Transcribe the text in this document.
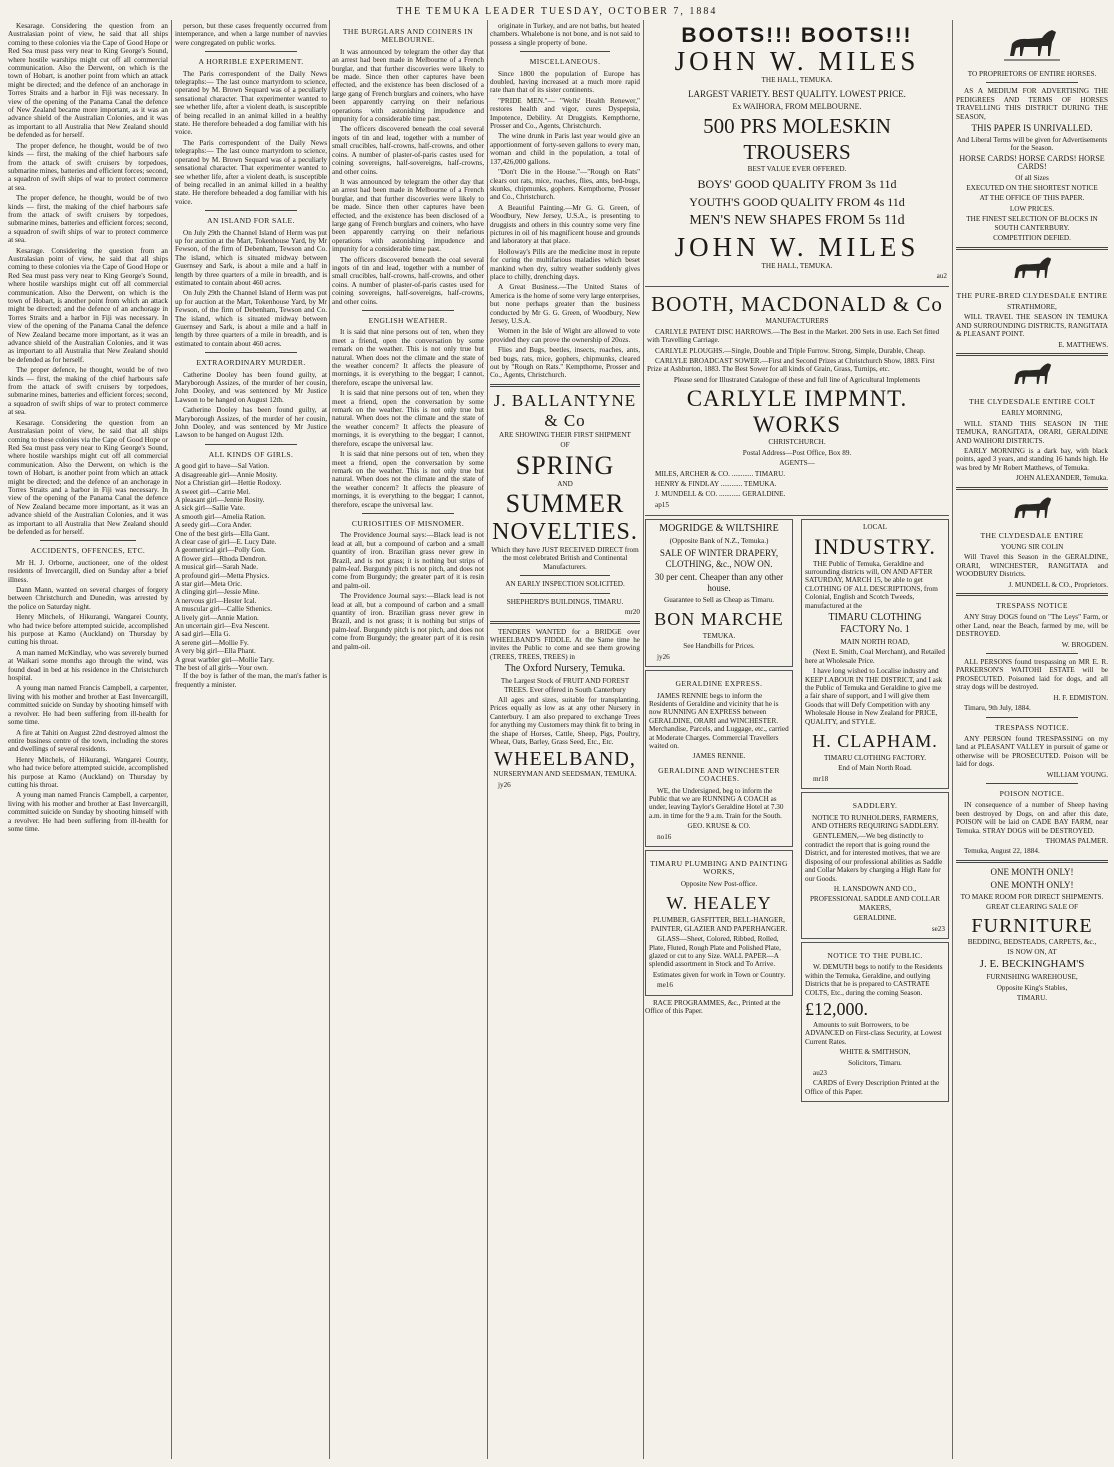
THE TEMUKA LEADER TUESDAY, OCTOBER 7, 1884

Kesarage. Considering the question from an Australasian point of view, he said that all ships coming to these colonies via the Cape of Good Hope or Red Sea must pass very near to King George's Sound, where hostile warships might cut off all commercial communication. Also the Derwent, on which is the town of Hobart, is another point from which an attack might be directed; and the defence of an anchorage in Torres Straits and a harbor in Fiji was necessary. In view of the opening of the Panama Canal the defence of New Zealand became more important, as it was an advance shield of the Australian Colonies, and it was as important to all Australia that New Zealand should be defended as for herself.

The proper defence, he thought, would be of two kinds — first, the making of the chief harbours safe from the attack of swift cruisers by torpedoes, submarine mines, batteries and efficient forces; second, a squadron of swift ships of war to protect commerce at sea.

The proper defence, he thought, would be of two kinds — first, the making of the chief harbours safe from the attack of swift cruisers by torpedoes, submarine mines, batteries and efficient forces; second, a squadron of swift ships of war to protect commerce at sea.

Kesarage. Considering the question from an Australasian point of view, he said that all ships coming to these colonies via the Cape of Good Hope or Red Sea must pass very near to King George's Sound, where hostile warships might cut off all commercial communication. Also the Derwent, on which is the town of Hobart, is another point from which an attack might be directed; and the defence of an anchorage in Torres Straits and a harbor in Fiji was necessary. In view of the opening of the Panama Canal the defence of New Zealand became more important, as it was an advance shield of the Australian Colonies, and it was as important to all Australia that New Zealand should be defended as for herself.

The proper defence, he thought, would be of two kinds — first, the making of the chief harbours safe from the attack of swift cruisers by torpedoes, submarine mines, batteries and efficient forces; second, a squadron of swift ships of war to protect commerce at sea.

Kesarage. Considering the question from an Australasian point of view, he said that all ships coming to these colonies via the Cape of Good Hope or Red Sea must pass very near to King George's Sound, where hostile warships might cut off all commercial communication. Also the Derwent, on which is the town of Hobart, is another point from which an attack might be directed; and the defence of an anchorage in Torres Straits and a harbor in Fiji was necessary. In view of the opening of the Panama Canal the defence of New Zealand became more important, as it was an advance shield of the Australian Colonies, and it was as important to all Australia that New Zealand should be defended as for herself.

ACCIDENTS, OFFENCES, ETC.

Mr H. J. Orborne, auctioneer, one of the oldest residents of Invercargill, died on Sunday after a brief illness.

Dann Mann, wanted on several charges of forgery between Christchurch and Dunedin, was arrested by the police on Saturday night.

Henry Mitchels, of Hikurangi, Wangarei County, who had twice before attempted suicide, accomplished his purpose at Kamo (Auckland) on Thursday by cutting his throat.

A man named McKindlay, who was severely burned at Waikari some months ago through the wind, was found dead in bed at his residence in the Christchurch hospital.

A young man named Francis Campbell, a carpenter, living with his mother and brother at East Invercargill, committed suicide on Sunday by shooting himself with a revolver. He had been suffering from ill-health for some time.

A fire at Tahiti on August 22nd destroyed almost the entire business centre of the town, including the stores and dwellings of several residents.

Henry Mitchels, of Hikurangi, Wangarei County, who had twice before attempted suicide, accomplished his purpose at Kamo (Auckland) on Thursday by cutting his throat.

A young man named Francis Campbell, a carpenter, living with his mother and brother at East Invercargill, committed suicide on Sunday by shooting himself with a revolver. He had been suffering from ill-health for some time.

person, but these cases frequently occurred from intemperance, and when a large number of navvies were congregated on public works.

A HORRIBLE EXPERIMENT.

The Paris correspondent of the Daily News telegraphs:— The last ounce martyrdom to science, operated by M. Brown Sequard was of a peculiarly sensational character. That experimenter wanted to see whether life, after a violent death, is susceptible of being recalled in an animal killed in a healthy state. He therefore beheaded a dog familiar with his voice.

The Paris correspondent of the Daily News telegraphs:— The last ounce martyrdom to science, operated by M. Brown Sequard was of a peculiarly sensational character. That experimenter wanted to see whether life, after a violent death, is susceptible of being recalled in an animal killed in a healthy state. He therefore beheaded a dog familiar with his voice.

AN ISLAND FOR SALE.

On July 29th the Channel Island of Herm was put up for auction at the Mart, Tokenhouse Yard, by Mr Fewson, of the firm of Debenham, Tewson and Co. The island, which is situated midway between Guernsey and Sark, is about a mile and a half in length by three quarters of a mile in breadth, and is estimated to contain about 460 acres.

On July 29th the Channel Island of Herm was put up for auction at the Mart, Tokenhouse Yard, by Mr Fewson, of the firm of Debenham, Tewson and Co. The island, which is situated midway between Guernsey and Sark, is about a mile and a half in length by three quarters of a mile in breadth, and is estimated to contain about 460 acres.

EXTRAORDINARY MURDER.

Catherine Dooley has been found guilty, at Maryborough Assizes, of the murder of her cousin, John Dooley, and was sentenced by Mr Justice Lawson to be hanged on August 12th.

Catherine Dooley has been found guilty, at Maryborough Assizes, of the murder of her cousin, John Dooley, and was sentenced by Mr Justice Lawson to be hanged on August 12th.

ALL KINDS OF GIRLS.

A good girl to have—Sal Vation.

A disagreeable girl—Annie Mosity.

Not a Christian girl—Hettie Rodoxy.

A sweet girl—Carrie Mel.

A pleasant girl—Jennie Rosity.

A sick girl—Sallie Vate.

A smooth girl—Amelia Ration.

A seedy girl—Cora Ander.

One of the best girls—Ella Gant.

A clear case of girl—E. Lucy Date.

A geometrical girl—Polly Gon.

A flower girl—Rhoda Dendron.

A musical girl—Sarah Nade.

A profound girl—Metta Physics.

A star girl—Meta Oric.

A clinging girl—Jessie Mine.

A nervous girl—Hester Ical.

A muscular girl—Callie Sthenics.

A lively girl—Annie Mation.

An uncertain girl—Eva Nescent.

A sad girl—Ella G.

A serene girl—Mollie Fy.

A very big girl—Ella Phant.

A great warbler girl—Mollie Tary.

The best of all girls—Your own.

If the boy is father of the man, the man's father is frequently a minister.

THE BURGLARS AND COINERS IN MELBOURNE.

It was announced by telegram the other day that an arrest had been made in Melbourne of a French burglar, and that further discoveries were likely to be made. Since then other captures have been effected, and the existence has been disclosed of a large gang of French burglars and coiners, who have been apparently carrying on their nefarious operations with astonishing impudence and impunity for a considerable time past.

The officers discovered beneath the coal several ingots of tin and lead, together with a number of small crucibles, half-crowns, half-crowns, and other coins. A number of plaster-of-paris castes used for coining sovereigns, half-sovereigns, half-crowns, and other coins.

It was announced by telegram the other day that an arrest had been made in Melbourne of a French burglar, and that further discoveries were likely to be made. Since then other captures have been effected, and the existence has been disclosed of a large gang of French burglars and coiners, who have been apparently carrying on their nefarious operations with astonishing impudence and impunity for a considerable time past.

The officers discovered beneath the coal several ingots of tin and lead, together with a number of small crucibles, half-crowns, half-crowns, and other coins. A number of plaster-of-paris castes used for coining sovereigns, half-sovereigns, half-crowns, and other coins.

ENGLISH WEATHER.

It is said that nine persons out of ten, when they meet a friend, open the conversation by some remark on the weather. This is not only true but natural. When does not the climate and the state of the weather concern? It affects the pleasure of mornings, it is everything to the beggar; I cannot, therefore, escape the universal law.

It is said that nine persons out of ten, when they meet a friend, open the conversation by some remark on the weather. This is not only true but natural. When does not the climate and the state of the weather concern? It affects the pleasure of mornings, it is everything to the beggar; I cannot, therefore, escape the universal law.

It is said that nine persons out of ten, when they meet a friend, open the conversation by some remark on the weather. This is not only true but natural. When does not the climate and the state of the weather concern? It affects the pleasure of mornings, it is everything to the beggar; I cannot, therefore, escape the universal law.

CURIOSITIES OF MISNOMER.

The Providence Journal says:—Black lead is not lead at all, but a compound of carbon and a small quantity of iron. Brazilian grass never grew in Brazil, and is not grass; it is nothing but strips of palm-leaf. Burgundy pitch is not pitch, and does not come from Burgundy; the greater part of it is resin and palm-oil.

The Providence Journal says:—Black lead is not lead at all, but a compound of carbon and a small quantity of iron. Brazilian grass never grew in Brazil, and is not grass; it is nothing but strips of palm-leaf. Burgundy pitch is not pitch, and does not come from Burgundy; the greater part of it is resin and palm-oil.

originate in Turkey, and are not baths, but heated chambers. Whalebone is not bone, and is not said to possess a single property of bone.

MISCELLANEOUS.

Since 1800 the population of Europe has doubled, having increased at a much more rapid rate than that of its sister continents.

"PRIDE MEN."— "Wells' Health Renewer," restores health and vigor, cures Dyspepsia, Impotence, Debility. At Druggists. Kempthorne, Prosser and Co., Agents, Christchurch.

The wine drunk in Paris last year would give an apportionment of forty-seven gallons to every man, woman and child in the population, a total of 137,426,000 gallons.

"Don't Die in the House."—"Rough on Rats" clears out rats, mice, roaches, flies, ants, bed-bugs, skunks, chipmunks, gophers. Kempthorne, Prosser and Co., Christchurch.

A Beautiful Painting.—Mr G. G. Green, of Woodbury, New Jersey, U.S.A., is presenting to druggists and others in this country some very fine pictures in oil of his magnificent house and grounds and laboratory at that place.

Holloway's Pills are the medicine most in repute for curing the multifarious maladies which beset mankind when dry, sultry weather suddenly gives place to chilly, drenching days.

A Great Business.—The United States of America is the home of some very large enterprises, but none perhaps greater than the business conducted by Mr G. G. Green, of Woodbury, New Jersey, U.S.A.

Women in the Isle of Wight are allowed to vote provided they can prove the ownership of 20ozs.

Flies and Bugs, beetles, insects, roaches, ants, bed bugs, rats, mice, gophers, chipmunks, cleared out by "Rough on Rats." Kempthorne, Prosser and Co., Agents, Christchurch.

J. BALLANTYNE & Co

ARE SHOWING THEIR FIRST SHIPMENT

OF

SPRING

AND

SUMMER
NOVELTIES.

Which they have JUST RECEIVED DIRECT from the most celebrated British and Continental Manufacturers.

AN EARLY INSPECTION SOLICITED.

SHEPHERD'S BUILDINGS, TIMARU.

mr20

TENDERS WANTED for a BRIDGE over WHEELBAND'S FIDDLE. At the Same time he invites the Public to come and see them growing (TREES, TREES, TREES) in

The Oxford Nursery, Temuka.

The Largest Stock of FRUIT AND FOREST TREES. Ever offered in South Canterbury

All ages and sizes, suitable for transplanting. Prices equally as low as at any other Nursery in Canterbury. I am also prepared to exchange Trees for anything my Customers may think fit to bring in the shape of Horses, Cattle, Sheep, Pigs, Poultry, Wheat, Oats, Barley, Grass Seed, Etc., Etc.

WHEELBAND,

NURSERYMAN AND SEEDSMAN, TEMUKA.

jy26

BOOTS!!! BOOTS!!!
JOHN W. MILES

THE HALL, TEMUKA.

LARGEST VARIETY. BEST QUALITY. LOWEST PRICE.

Ex WAIHORA, FROM MELBOURNE.

500 PRS MOLESKIN TROUSERS

BEST VALUE EVER OFFERED.

BOYS' GOOD QUALITY FROM 3s 11d

YOUTH'S GOOD QUALITY FROM 4s 11d

MEN'S NEW SHAPES FROM 5s 11d

JOHN W. MILES

THE HALL, TEMUKA.

au2

BOOTH, MACDONALD & Co

MANUFACTURERS

CARLYLE PATENT DISC HARROWS.—The Best in the Market. 200 Sets in use. Each Set fitted with Travelling Carriage.

CARLYLE PLOUGHS.—Single, Double and Triple Furrow. Strong, Simple, Durable, Cheap.

CARLYLE BROADCAST SOWER.—First and Second Prizes at Christchurch Show, 1883. First Prize at Ashburton, 1883. The Best Sower for all kinds of Grain, Grass, Turnips, etc.

Please send for Illustrated Catalogue of these and full line of Agricultural Implements

CARLYLE IMPMNT. WORKS

CHRISTCHURCH.

Postal Address—Post Office, Box 89.

AGENTS—

MILES, ARCHER & CO. ............ TIMARU.

HENRY & FINDLAY ............ TEMUKA.

J. MUNDELL & CO. ............ GERALDINE.

ap15

MOGRIDGE & WILTSHIRE

(Opposite Bank of N.Z., Temuka.)

SALE OF WINTER DRAPERY, CLOTHING, &c., NOW ON.

30 per cent. Cheaper than any other house.

Guarantee to Sell as Cheap as Timaru.

BON MARCHE

TEMUKA.

See Handbills for Prices.

jy26

GERALDINE EXPRESS.

JAMES RENNIE begs to inform the Residents of Geraldine and vicinity that he is now RUNNING AN EXPRESS between GERALDINE, ORARI and WINCHESTER. Merchandise, Parcels, and Luggage, etc., carried at Moderate Charges. Commercial Travellers waited on.

JAMES RENNIE.

GERALDINE AND WINCHESTER COACHES.

WE, the Undersigned, beg to inform the Public that we are RUNNING A COACH as under, leaving Taylor's Geraldine Hotel at 7.30 a.m. in time for the 9 a.m. Train for the South.

GEO. KRUSE & CO.

no16

TIMARU PLUMBING AND PAINTING WORKS,

Opposite New Post-office.

W. HEALEY

PLUMBER, GASFITTER, BELL-HANGER, PAINTER, GLAZIER AND PAPERHANGER.

GLASS—Sheet, Colored, Ribbed, Rolled, Plate, Fluted, Rough Plate and Polished Plate, glazed or cut to any Size. WALL PAPER—A splendid assortment in Stock and To Arrive.

Estimates given for work in Town or Country.

me16

RACE PROGRAMMES, &c., Printed at the Office of this Paper.

LOCAL

INDUSTRY.

THE Public of Temuka, Geraldine and surrounding districts will, ON AND AFTER SATURDAY, MARCH 15, be able to get CLOTHING OF ALL DESCRIPTIONS, from Colonial, English and Scotch Tweeds, manufactured at the

TIMARU CLOTHING FACTORY No. 1

MAIN NORTH ROAD,

(Next E. Smith, Coal Merchant), and Retailed here at Wholesale Price.

I have long wished to Localise industry and KEEP LABOUR IN THE DISTRICT, and I ask the Public of Temuka and Geraldine to give me a fair share of support, and I will give them Goods that will Defy Competition with any Wholesale House in New Zealand for PRICE, QUALITY, and STYLE.

H. CLAPHAM.

TIMARU CLOTHING FACTORY.

End of Main North Road.

mr18

SADDLERY.

NOTICE TO RUNHOLDERS, FARMERS, AND OTHERS REQUIRING SADDLERY.

GENTLEMEN,—We beg distinctly to contradict the report that is going round the District, and for interested motives, that we are disposing of our professional abilities as Saddle and Collar Makers by charging a High Rate for our Goods.

H. LANSDOWN AND CO.,

PROFESSIONAL SADDLE AND COLLAR MAKERS,

GERALDINE.

se23

NOTICE TO THE PUBLIC.

W. DEMUTH begs to notify to the Residents within the Temuka, Geraldine, and outlying Districts that he is prepared to CASTRATE COLTS, Etc., during the coming Season.

£12,000.

Amounts to suit Borrowers, to be ADVANCED on First-class Security, at Lowest Current Rates.

WHITE & SMITHSON,

Solicitors, Timaru.

au23

CARDS of Every Description Printed at the Office of this Paper.

TO PROPRIETORS OF ENTIRE HORSES.

AS A MEDIUM FOR ADVERTISING THE PEDIGREES AND TERMS OF HORSES TRAVELLING THIS DISTRICT DURING THE SEASON,

THIS PAPER IS UNRIVALLED.

And Liberal Terms will be given for Advertisements for the Season.

HORSE CARDS! HORSE CARDS! HORSE CARDS!

Of all Sizes

EXECUTED ON THE SHORTEST NOTICE

AT THE OFFICE OF THIS PAPER.

LOW PRICES.

THE FINEST SELECTION OF BLOCKS IN SOUTH CANTERBURY.

COMPETITION DEFIED.

THE PURE-BRED CLYDESDALE ENTIRE

STRATHMORE,

WILL TRAVEL THE SEASON IN TEMUKA AND SURROUNDING DISTRICTS, RANGITATA & PLEASANT POINT.

E. MATTHEWS.

THE CLYDESDALE ENTIRE COLT

EARLY MORNING,

WILL STAND THIS SEASON IN THE TEMUKA, RANGITATA, ORARI, GERALDINE AND WAIHORI DISTRICTS.

EARLY MORNING is a dark bay, with black points, aged 3 years, and standing 16 hands high. He was bred by Mr Robert Matthews, of Temuka.

JOHN ALEXANDER, Temuka.

THE CLYDESDALE ENTIRE

YOUNG SIR COLIN

Will Travel this Season in the GERALDINE, ORARI, WINCHESTER, RANGITATA and WOODBURY Districts.

J. MUNDELL & CO., Proprietors.

TRESPASS NOTICE

ANY Stray DOGS found on "The Leys" Farm, or other Land, near the Beach, farmed by me, will be DESTROYED.

W. BROGDEN.

ALL PERSONS found trespassing on MR E. R. PARKERSON'S WAITOHI ESTATE will be PROSECUTED. Poisoned laid for dogs, and all stray dogs will be destroyed.

H. F. EDMISTON.

Timaru, 9th July, 1884.

TRESPASS NOTICE.

ANY PERSON found TRESPASSING on my land at PLEASANT VALLEY in pursuit of game or otherwise will be PROSECUTED. Poison will be laid for dogs.

WILLIAM YOUNG.

POISON NOTICE.

IN consequence of a number of Sheep having been destroyed by Dogs, on and after this date, POISON will be laid on CADE BAY FARM, near Temuka. STRAY DOGS will be DESTROYED.

THOMAS PALMER.

Temuka, August 22, 1884.

ONE MONTH ONLY!

ONE MONTH ONLY!

TO MAKE ROOM FOR DIRECT SHIPMENTS.

GREAT CLEARING SALE OF

FURNITURE

BEDDING, BEDSTEADS, CARPETS, &c.,

IS NOW ON, AT

J. E. BECKINGHAM'S

FURNISHING WAREHOUSE,

Opposite King's Stables,

TIMARU.
